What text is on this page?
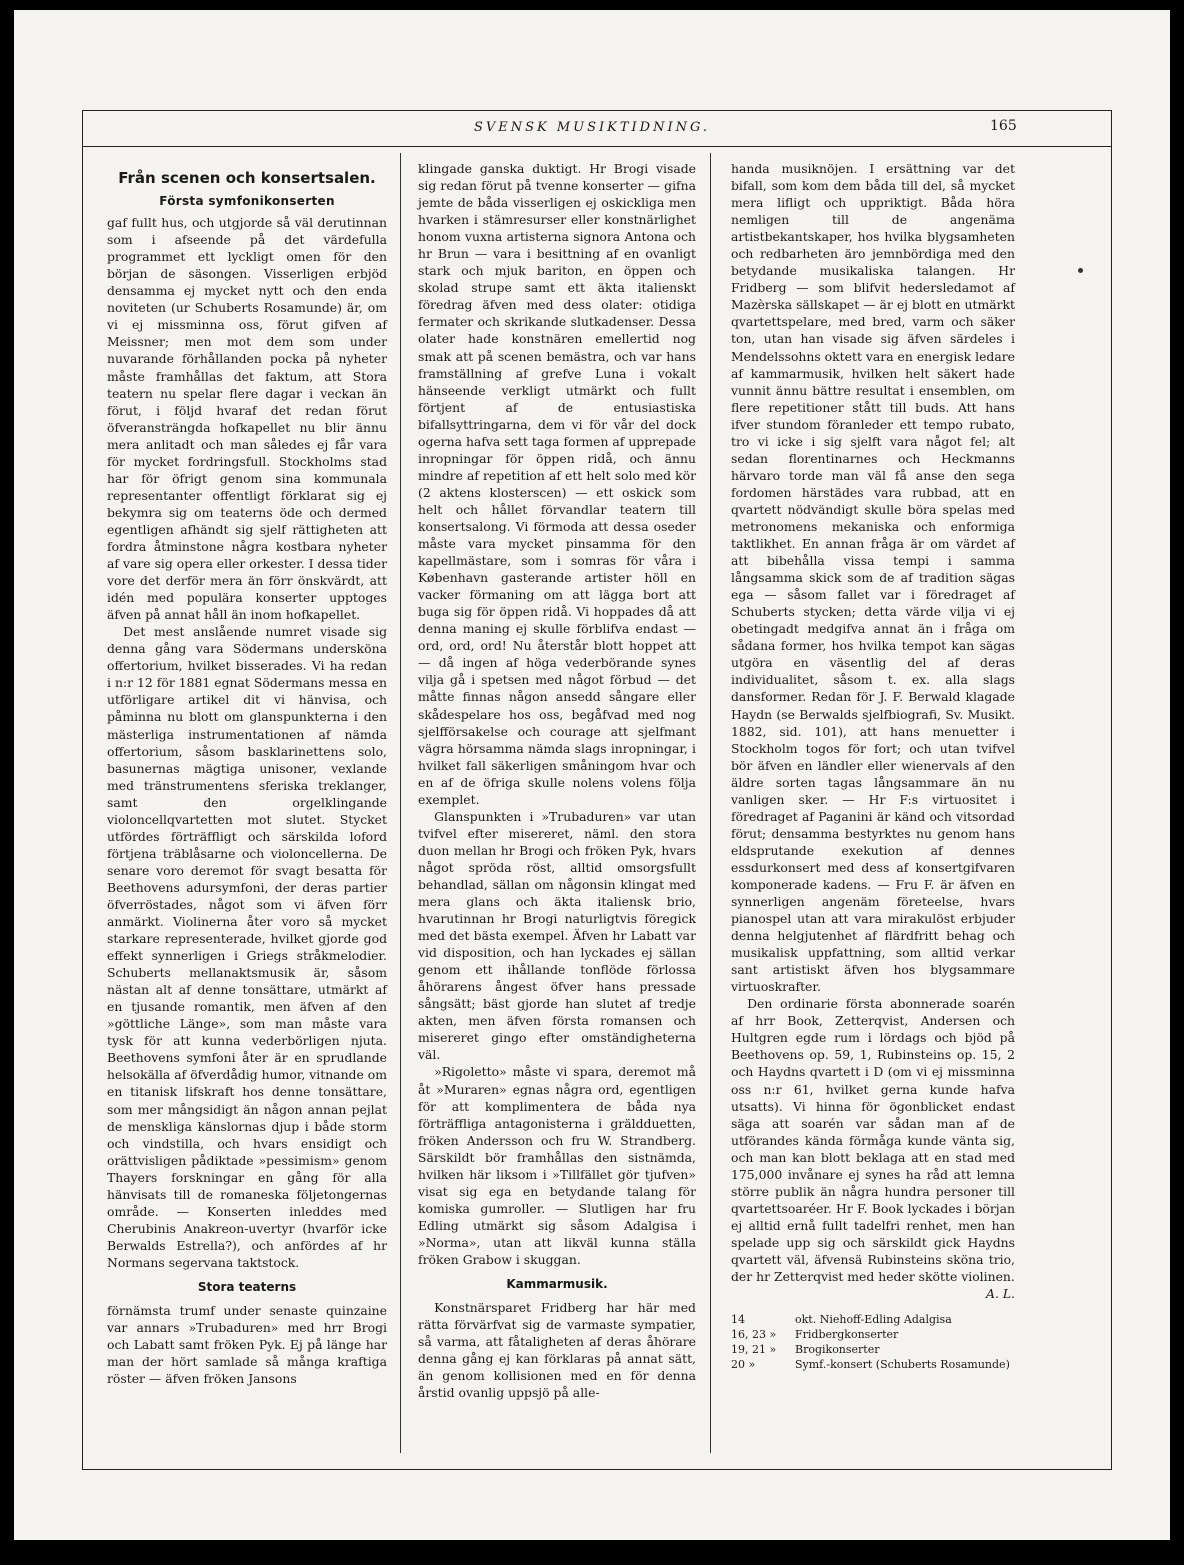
SVENSK MUSIKTIDNING.	165
Från scenen och konsertsalen.
Första symfonikonserten

gaf fullt hus, och utgjorde så väl derutinnan som i afseende på det värdefulla programmet ett lyckligt omen för den början de säsongen. Visserligen erbjöd densamma ej mycket nytt och den enda noviteten (ur Schuberts Rosamunde) är, om vi ej missminna oss, förut gifven af Meissner; men mot dem som under nuvarande förhållanden pocka på nyheter måste framhållas det faktum, att Stora teatern nu spelar flere dagar i veckan än förut, i följd hvaraf det redan förut öfveransträngda hofkapellet nu blir ännu mera anlitadt och man således ej får vara för mycket fordringsfull. Stockholms stad har för öfrigt genom sina kommunala representanter offentligt förklarat sig ej bekymra sig om teaterns öde och dermed egentligen afhändt sig sjelf rättigheten att fordra åtminstone några kostbara nyheter af vare sig opera eller orkester. I dessa tider vore det derför mera än förr önskvärdt, att idén med populära konserter upptoges äfven på annat håll än inom hofkapellet.

Det mest anslående numret visade sig denna gång vara Södermans underskönа offertorium, hvilket bisserades. Vi ha redan i n:r 12 för 1881 egnat Södermans messa en utförligare artikel dit vi hänvisa, och påminna nu blott om glanspunkterna i den mästerliga instrumentationen af nämda offertorium, såsom basklarinettens solo, basunernas mägtiga unisoner, vexlande med tränstrumentens sferiska treklanger, samt den orgelklingande violoncellqvartetten mot slutet. Stycket utfördes förträffligt och särskilda loford förtjena träblåsarne och violoncellerna. De senare voro deremot för svagt besatta för Beethovens adursymfoni, der deras partier öfverröstades, något som vi äfven förr anmärkt. Violinerna åter voro så mycket starkare representerade, hvilket gjorde god effekt synnerligen i Griegs stråkmelodier. Schuberts mellanaktsmusik är, såsom nästan alt af denne tonsättare, utmärkt af en tjusande romantik, men äfven af den »göttliche Länge», som man måste vara tysk för att kunna vederbörligen njuta. Beethovens symfoni åter är en sprudlande helsokälla af öfverdådig humor, vitnande om en titanisk lifskraft hos denne tonsättare, som mer mångsidigt än någon annan pejlat de menskliga känslornas djup i både storm och vindstilla, och hvars ensidigt och orättvisligen pådiktade »pessimism» genom Thayers forskningar en gång för alla hänvisats till de romaneska följetongernas område. — Konserten inleddes med Cherubinis Anakreon-uvertyr (hvarför icke Berwalds Estrella?), och anfördes af hr Normans segervana taktstock.

Stora teaterns

förnämsta trumf under senaste quinzaine var annars »Trubaduren» med hrr Brogi och Labatt samt fröken Pyk. Ej på länge har man der hört samlade så många kraftiga röster — äfven fröken Jansons

klingade ganska duktigt. Hr Brogi visade sig redan förut på tvenne konserter — gifna jemte de båda visserligen ej oskickliga men hvarken i stämresurser eller konstnärlighet honom vuxna artisterna signora Antona och hr Brun — vara i besittning af en ovanligt stark och mjuk bariton, en öppen och skolad strupe samt ett äkta italienskt föredrag äfven med dess olater: otidiga fermater och skrikande slutkadenser. Dessa olater hade konstnären emellertid nog smak att på scenen bemästra, och var hans framställning af grefve Luna i vokalt hänseende verkligt utmärkt och fullt förtjent af de entusiastiska bifallsyttringarna, dem vi för vår del dock ogerna hafva sett taga formen af upprepade inropningar för öppen ridå, och ännu mindre af repetition af ett helt solo med kör (2 aktens klosterscen) — ett oskick som helt och hållet förvandlar teatern till konsertsalong. Vi förmoda att dessa oseder måste vara mycket pinsamma för den kapellmästare, som i somras för våra i København gasterande artister höll en vacker förmaning om att lägga bort att buga sig för öppen ridå. Vi hoppades då att denna maning ej skulle förblifva endast — ord, ord, ord! Nu återstår blott hoppet att — då ingen af höga vederbörande synes vilja gå i spetsen med något förbud — det måtte finnas någon ansedd sångare eller skådespelare hos oss, begåfvad med nog sjelfförsakelse och courage att sjelfmant vägra hörsamma nämda slags inropningar, i hvilket fall säkerligen småningom hvar och en af de öfriga skulle nolens volens följa exemplet.

Glanspunkten i »Trubaduren» var utan tvifvel efter misereret, näml. den stora duon mellan hr Brogi och fröken Pyk, hvars något spröda röst, alltid omsorgsfullt behandlad, sällan om någonsin klingat med mera glans och äkta italiensk brio, hvarutinnan hr Brogi naturligtvis föregick med det bästa exempel. Äfven hr Labatt var vid disposition, och han lyckades ej sällan genom ett ihållande tonflöde förlossa åhörarens ångest öfver hans pressade sångsätt; bäst gjorde han slutet af tredje akten, men äfven första romansen och misereret gingo efter omständigheterna väl.

»Rigoletto» måste vi spara, deremot må åt »Muraren» egnas några ord, egentligen för att komplimentera de båda nya förträffliga antagonisterna i gräldduetten, fröken Andersson och fru W. Strandberg. Särskildt bör framhållas den sistnämda, hvilken här liksom i »Tillfället gör tjufven» visat sig ega en betydande talang för komiska gumroller. — Slutligen har fru Edling utmärkt sig såsom Adalgisa i »Norma», utan att likväl kunna ställa fröken Grabow i skuggan.

Kammarmusik.

Konstnärsparet Fridberg har här med rätta förvärfvat sig de varmaste sympatier, så varma, att fåtaligheten af deras åhörare denna gång ej kan förklaras på annat sätt, än genom kollisionen med en för denna årstid ovanlig uppsjö på alle-

handa musiknöjen. I ersättning var det bifall, som kom dem båda till del, så mycket mera lifligt och uppriktigt. Båda höra nemligen till de angenäma artistbekantskaper, hos hvilka blygsamheten och redbarheten äro jemnbördiga med den betydande musikaliska talangen. Hr Fridberg — som blifvit hedersledamot af Mazèrska sällskapet — är ej blott en utmärkt qvartettspelare, med bred, varm och säker ton, utan han visade sig äfven särdeles i Mendelssohns oktett vara en energisk ledare af kammarmusik, hvilken helt säkert hade vunnit ännu bättre resultat i ensemblen, om flere repetitioner stått till buds. Att hans ifver stundom föranleder ett tempo rubato, tro vi icke i sig sjelft vara något fel; alt sedan florentinarnes och Heckmanns härvaro torde man väl få anse den sega fordomen härstädes vara rubbad, att en qvartett nödvändigt skulle böra spelas med metronomens mekaniska och enformiga taktlikhet. En annan fråga är om värdet af att bibehålla vissa tempi i samma långsamma skick som de af tradition sägas ega — såsom fallet var i föredraget af Schuberts stycken; detta värde vilja vi ej obetingadt medgifva annat än i fråga om sådana former, hos hvilka tempot kan sägas utgöra en väsentlig del af deras individualitet, såsom t. ex. alla slags dansformer. Redan för J. F. Berwald klagade Haydn (se Berwalds sjelfbiografi, Sv. Musikt. 1882, sid. 101), att hans menuetter i Stockholm togos för fort; och utan tvifvel bör äfven en ländler eller wienervals af den äldre sorten tagas långsammare än nu vanligen sker. — Hr F:s virtuositet i föredraget af Paganini är känd och vitsordad förut; densamma bestyrktes nu genom hans eldsprutande exekution af dennes essdurkonsert med dess af konsertgifvaren komponerade kadens. — Fru F. är äfven en synnerligen angenäm företeelse, hvars pianospel utan att vara mirakulöst erbjuder denna helgjutenhet af flärdfritt behag och musikalisk uppfattning, som alltid verkar sant artistiskt äfven hos blygsammare virtuoskrafter.

Den ordinarie första abonnerade soarén af hrr Book, Zetterqvist, Andersen och Hultgren egde rum i lördags och bjöd på Beethovens op. 59, 1, Rubinsteins op. 15, 2 och Haydns qvartett i D (om vi ej missminna oss n:r 61, hvilket gerna kunde hafva utsatts). Vi hinna för ögonblicket endast säga att soarén var sådan man af de utförandes kända förmåga kunde vänta sig, och man kan blott beklaga att en stad med 175,000 invånare ej synes ha råd att lemna större publik än några hundra personer till qvartettsoaréer. Hr F. Book lyckades i början ej alltid ernå fullt tadelfri renhet, men han spelade upp sig och särskildt gick Haydns qvartett väl, äfvensä Rubinsteins sköna trio, der hr Zetterqvist med heder skötte violinen.

A. L.

14	okt. Niehoff-Edling Adalgisa
16, 23 »	Fridbergkonserter
19, 21 »	Brogikonserter
20 »	Symf.-konsert (Schuberts Rosamunde)
